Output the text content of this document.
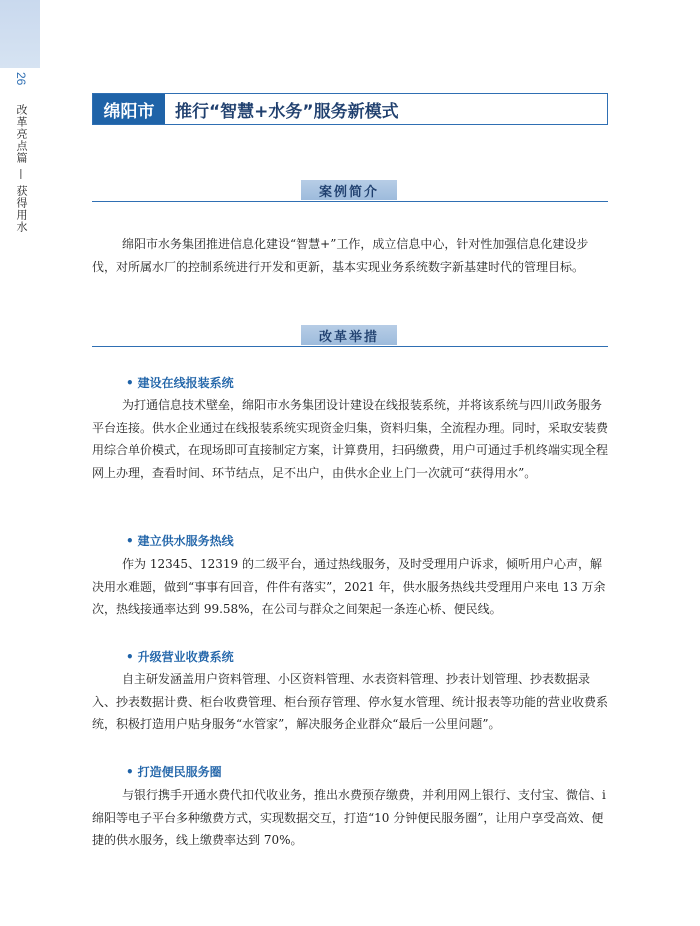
26
改革亮点篇 — 获得用水	绵阳市	推行“智慧+水务”服务新模式
案例简介
绵阳市水务集团推进信息化建设“智慧+”工作，成立信息中心，针对性加强信息化建设步伐，对所属水厂的控制系统进行开发和更新，基本实现业务系统数字新基建时代的管理目标。
改革举措
• 建设在线报装系统
为打通信息技术壁垒，绵阳市水务集团设计建设在线报装系统，并将该系统与四川政务服务平台连接。供水企业通过在线报装系统实现资金归集，资料归集，全流程办理。同时，采取安装费用综合单价模式，在现场即可直接制定方案，计算费用，扫码缴费，用户可通过手机终端实现全程网上办理，查看时间、环节结点，足不出户，由供水企业上门一次就可“获得用水”。
• 建立供水服务热线
作为 12345、12319 的二级平台，通过热线服务，及时受理用户诉求，倾听用户心声，解决用水难题，做到“事事有回音，件件有落实”，2021 年，供水服务热线共受理用户来电 13 万余次，热线接通率达到 99.58%，在公司与群众之间架起一条连心桥、便民线。
• 升级营业收费系统
自主研发涵盖用户资料管理、小区资料管理、水表资料管理、抄表计划管理、抄表数据录入、抄表数据计费、柜台收费管理、柜台预存管理、停水复水管理、统计报表等功能的营业收费系统，积极打造用户贴身服务“水管家”，解决服务企业群众“最后一公里问题”。
• 打造便民服务圈
与银行携手开通水费代扣代收业务，推出水费预存缴费，并利用网上银行、支付宝、微信、i 绵阳等电子平台多种缴费方式，实现数据交互，打造“10 分钟便民服务圈”，让用户享受高效、便捷的供水服务，线上缴费率达到 70%。
